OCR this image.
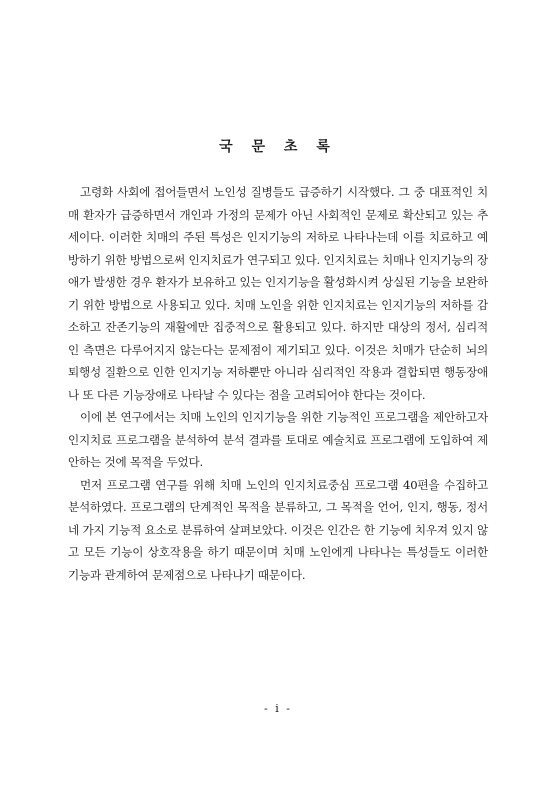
국 문 초 록

고령화 사회에 접어들면서 노인성 질병들도 급증하기 시작했다. 그 중 대표적인 치매 환자가 급증하면서 개인과 가정의 문제가 아닌 사회적인 문제로 확산되고 있는 추세이다. 이러한 치매의 주된 특성은 인지기능의 저하로 나타나는데 이를 치료하고 예방하기 위한 방법으로써 인지치료가 연구되고 있다. 인지치료는 치매나 인지기능의 장애가 발생한 경우 환자가 보유하고 있는 인지기능을 활성화시켜 상실된 기능을 보완하기 위한 방법으로 사용되고 있다. 치매 노인을 위한 인지치료는 인지기능의 저하를 감소하고 잔존기능의 재활에만 집중적으로 활용되고 있다. 하지만 대상의 정서, 심리적인 측면은 다루어지지 않는다는 문제점이 제기되고 있다. 이것은 치매가 단순히 뇌의 퇴행성 질환으로 인한 인지기능 저하뿐만 아니라 심리적인 작용과 결합되면 행동장애나 또 다른 기능장애로 나타날 수 있다는 점을 고려되어야 한다는 것이다.

이에 본 연구에서는 치매 노인의 인지기능을 위한 기능적인 프로그램을 제안하고자 인지치료 프로그램을 분석하여 분석 결과를 토대로 예술치료 프로그램에 도입하여 제안하는 것에 목적을 두었다.

먼저 프로그램 연구를 위해 치매 노인의 인지치료중심 프로그램 40편을 수집하고 분석하였다. 프로그램의 단계적인 목적을 분류하고, 그 목적을 언어, 인지, 행동, 정서 네 가지 기능적 요소로 분류하여 살펴보았다. 이것은 인간은 한 기능에 치우져 있지 않고 모든 기능이 상호작용을 하기 때문이며 치매 노인에게 나타나는 특성들도 이러한 기능과 관계하여 문제점으로 나타나기 때문이다.

- i -
